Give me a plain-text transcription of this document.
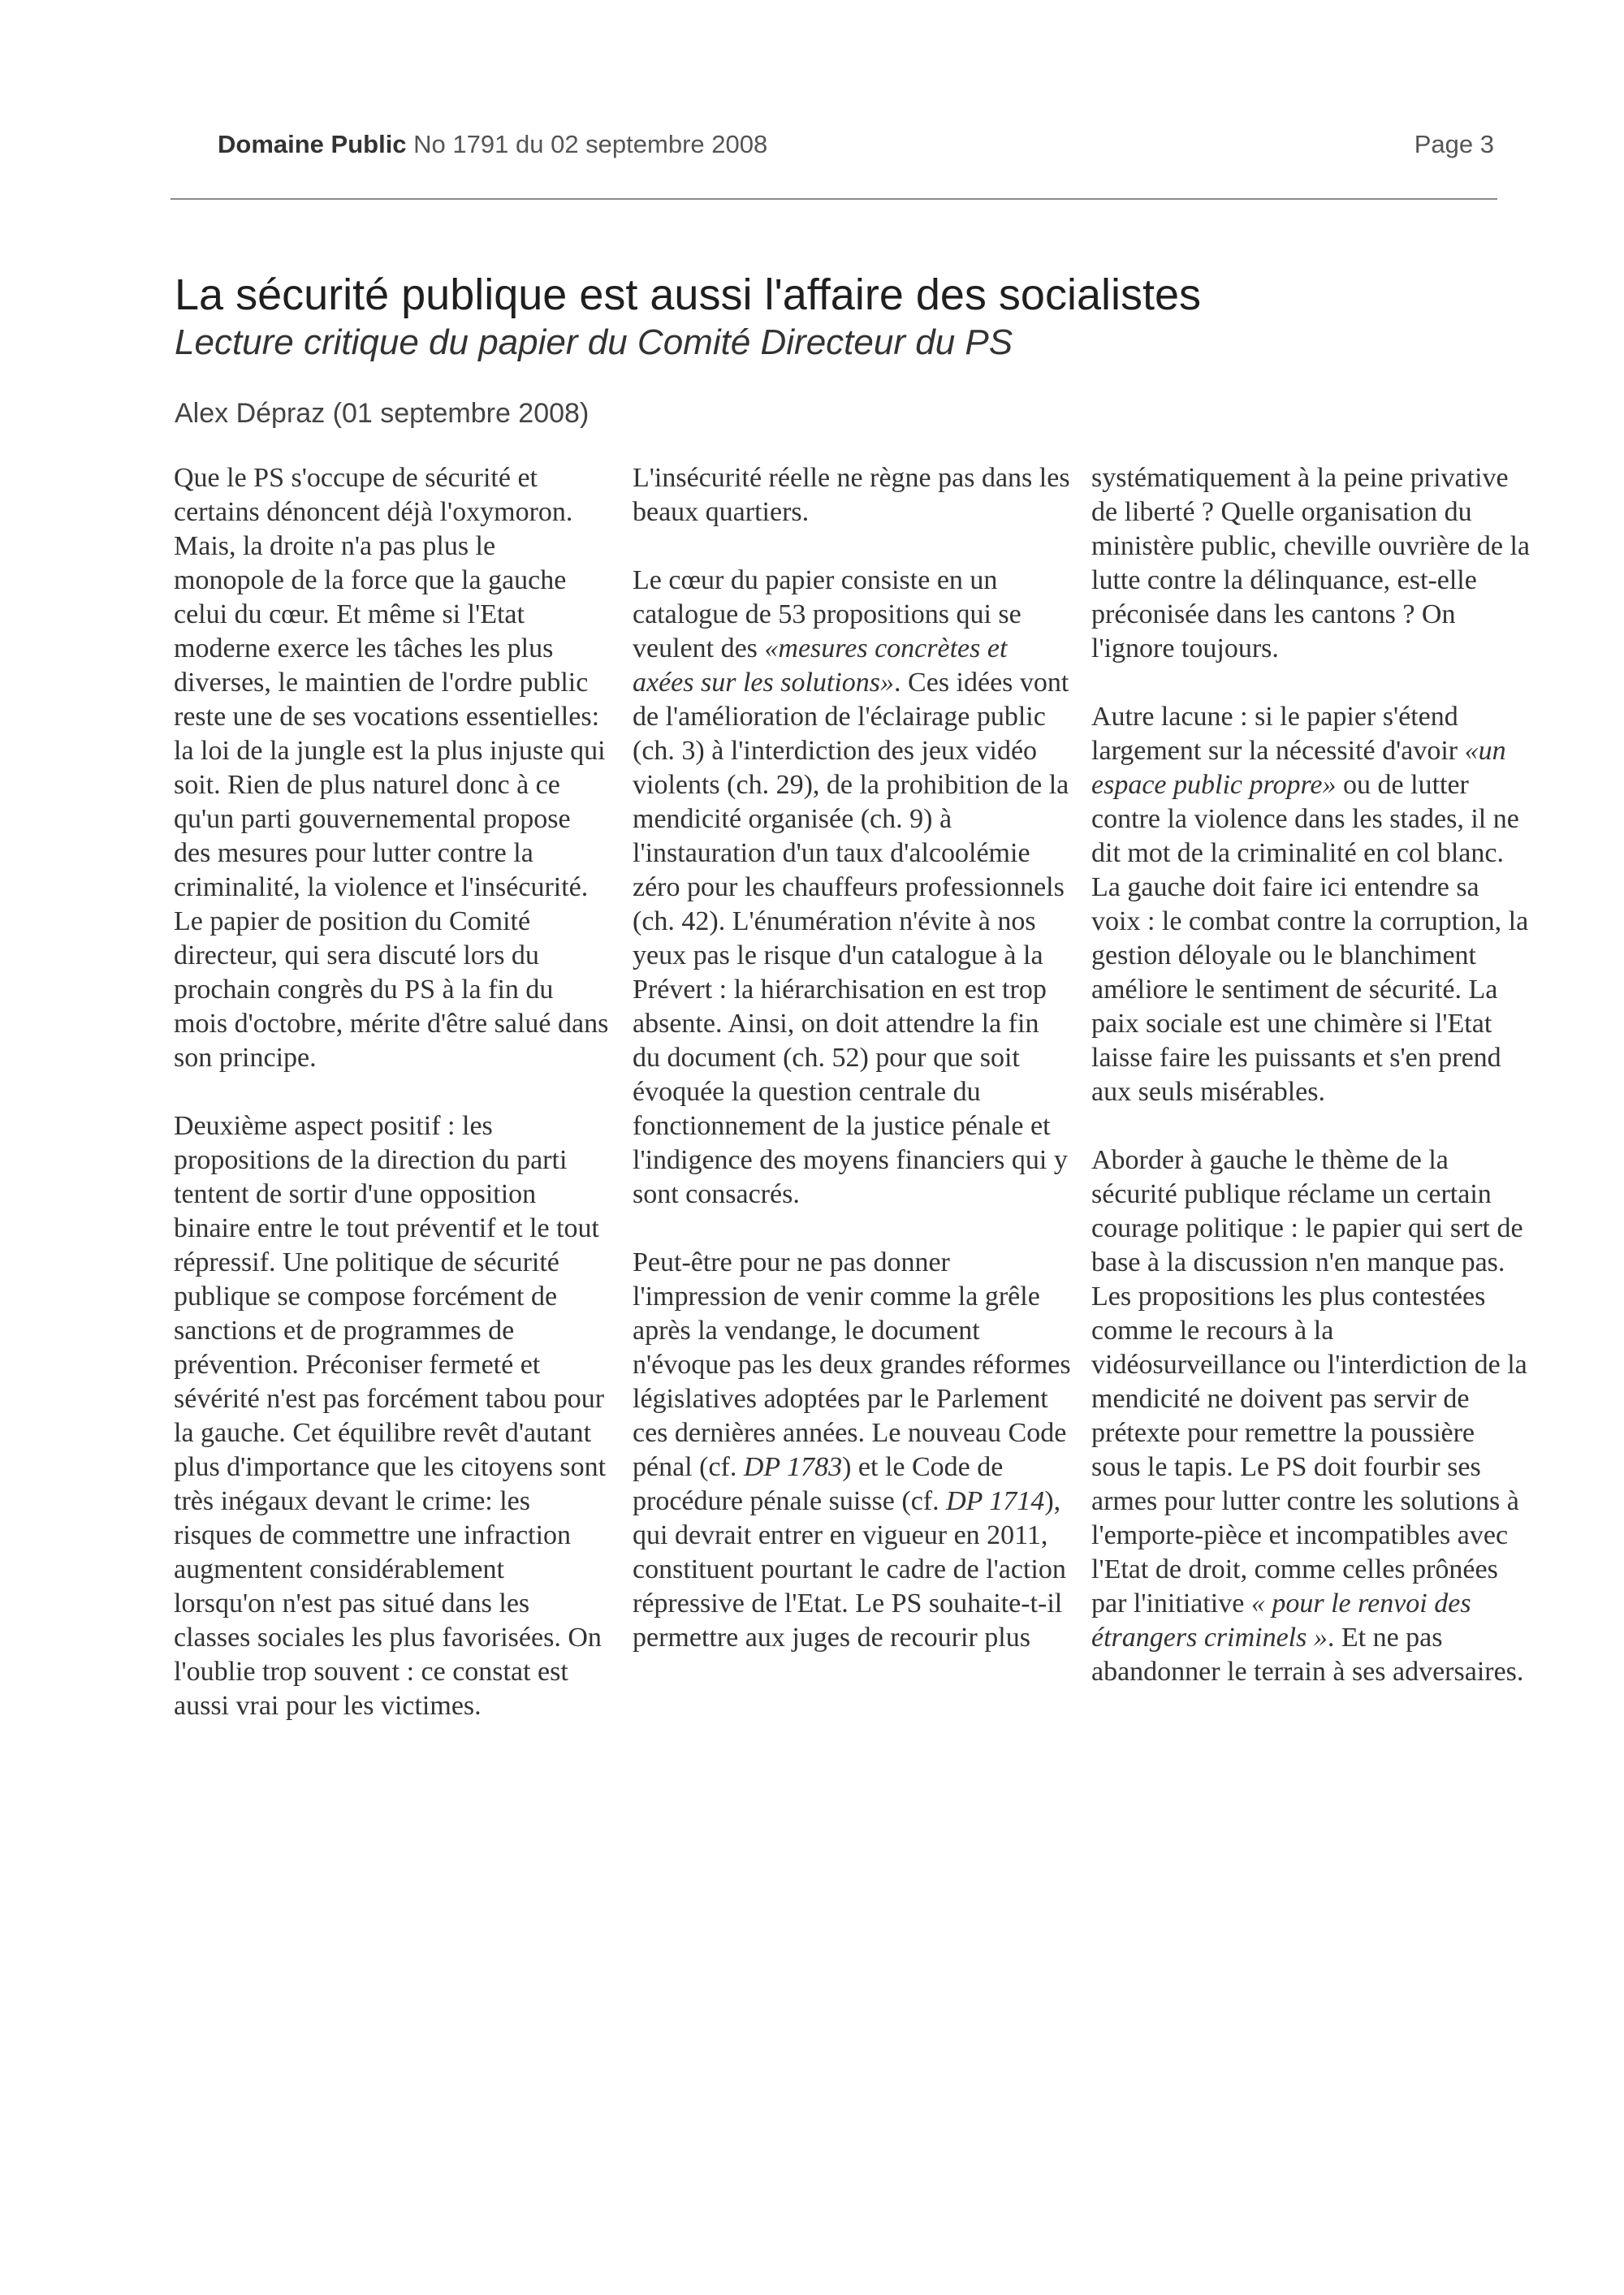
Domaine Public No 1791 du 02 septembre 2008	Page 3
La sécurité publique est aussi l'affaire des socialistes
Lecture critique du papier du Comité Directeur du PS
Alex Dépraz (01 septembre 2008)

Que le PS s'occupe de sécurité et certains dénoncent déjà l'oxymoron. Mais, la droite n'a pas plus le monopole de la force que la gauche celui du cœur. Et même si l'Etat moderne exerce les tâches les plus diverses, le maintien de l'ordre public reste une de ses vocations essentielles: la loi de la jungle est la plus injuste qui soit. Rien de plus naturel donc à ce qu'un parti gouvernemental propose des mesures pour lutter contre la criminalité, la violence et l'insécurité. Le papier de position du Comité directeur, qui sera discuté lors du prochain congrès du PS à la fin du mois d'octobre, mérite d'être salué dans son principe.

Deuxième aspect positif : les propositions de la direction du parti tentent de sortir d'une opposition binaire entre le tout préventif et le tout répressif. Une politique de sécurité publique se compose forcément de sanctions et de programmes de prévention. Préconiser fermeté et sévérité n'est pas forcément tabou pour la gauche. Cet équilibre revêt d'autant plus d'importance que les citoyens sont très inégaux devant le crime: les risques de commettre une infraction augmentent considérablement lorsqu'on n'est pas situé dans les classes sociales les plus favorisées. On l'oublie trop souvent : ce constat est aussi vrai pour les victimes.

L'insécurité réelle ne règne pas dans les beaux quartiers.

Le cœur du papier consiste en un catalogue de 53 propositions qui se veulent des «mesures concrètes et axées sur les solutions». Ces idées vont de l'amélioration de l'éclairage public (ch. 3) à l'interdiction des jeux vidéo violents (ch. 29), de la prohibition de la mendicité organisée (ch. 9) à l'instauration d'un taux d'alcoolémie zéro pour les chauffeurs professionnels (ch. 42). L'énumération n'évite à nos yeux pas le risque d'un catalogue à la Prévert : la hiérarchisation en est trop absente. Ainsi, on doit attendre la fin du document (ch. 52) pour que soit évoquée la question centrale du fonctionnement de la justice pénale et l'indigence des moyens financiers qui y sont consacrés.

Peut-être pour ne pas donner l'impression de venir comme la grêle après la vendange, le document n'évoque pas les deux grandes réformes législatives adoptées par le Parlement ces dernières années. Le nouveau Code pénal (cf. DP 1783) et le Code de procédure pénale suisse (cf. DP 1714), qui devrait entrer en vigueur en 2011, constituent pourtant le cadre de l'action répressive de l'Etat. Le PS souhaite-t-il permettre aux juges de recourir plus

systématiquement à la peine privative de liberté ? Quelle organisation du ministère public, cheville ouvrière de la lutte contre la délinquance, est-elle préconisée dans les cantons ? On l'ignore toujours.

Autre lacune : si le papier s'étend largement sur la nécessité d'avoir «un espace public propre» ou de lutter contre la violence dans les stades, il ne dit mot de la criminalité en col blanc. La gauche doit faire ici entendre sa voix : le combat contre la corruption, la gestion déloyale ou le blanchiment améliore le sentiment de sécurité. La paix sociale est une chimère si l'Etat laisse faire les puissants et s'en prend aux seuls misérables.

Aborder à gauche le thème de la sécurité publique réclame un certain courage politique : le papier qui sert de base à la discussion n'en manque pas. Les propositions les plus contestées comme le recours à la vidéosurveillance ou l'interdiction de la mendicité ne doivent pas servir de prétexte pour remettre la poussière sous le tapis. Le PS doit fourbir ses armes pour lutter contre les solutions à l'emporte-pièce et incompatibles avec l'Etat de droit, comme celles prônées par l'initiative « pour le renvoi des étrangers criminels ». Et ne pas abandonner le terrain à ses adversaires.
